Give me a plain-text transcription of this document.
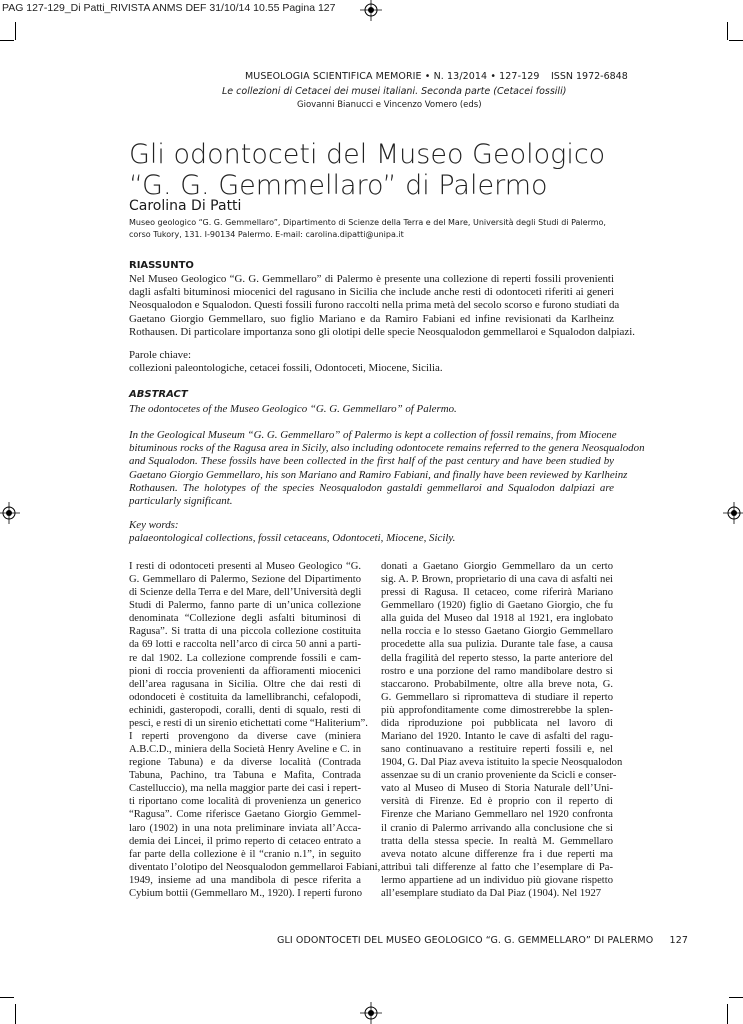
PAG 127-129_Di Patti_RIVISTA ANMS DEF 31/10/14 10.55 Pagina 127
MUSEOLOGIA SCIENTIFICA MEMORIE • N. 13/2014 • 127-129 ISSN 1972-6848
Le collezioni di Cetacei dei musei italiani. Seconda parte (Cetacei fossili)
Giovanni Bianucci e Vincenzo Vomero (eds)
Gli odontoceti del Museo Geologico
“G. G. Gemmellaro” di Palermo
Carolina Di Patti
Museo geologico “G. G. Gemmellaro”, Dipartimento di Scienze della Terra e del Mare, Università degli Studi di Palermo,
corso Tukory, 131. I-90134 Palermo. E-mail: carolina.dipatti@unipa.it
RIASSUNTO
Nel Museo Geologico “G. G. Gemmellaro” di Palermo è presente una collezione di reperti fossili provenienti
dagli asfalti bituminosi miocenici del ragusano in Sicilia che include anche resti di odontoceti riferiti ai generi
Neosqualodon e Squalodon. Questi fossili furono raccolti nella prima metà del secolo scorso e furono studiati da
Gaetano Giorgio Gemmellaro, suo figlio Mariano e da Ramiro Fabiani ed infine revisionati da Karlheinz
Rothausen. Di particolare importanza sono gli olotipi delle specie Neosqualodon gemmellaroi e Squalodon dalpiazi.
Parole chiave:
collezioni paleontologiche, cetacei fossili, Odontoceti, Miocene, Sicilia.
ABSTRACT
The odontocetes of the Museo Geologico “G. G. Gemmellaro” of Palermo.
In the Geological Museum “G. G. Gemmellaro” of Palermo is kept a collection of fossil remains, from Miocene
bituminous rocks of the Ragusa area in Sicily, also including odontocete remains referred to the genera Neosqualodon
and Squalodon. These fossils have been collected in the first half of the past century and have been studied by
Gaetano Giorgio Gemmellaro, his son Mariano and Ramiro Fabiani, and finally have been reviewed by Karlheinz
Rothausen. The holotypes of the species Neosqualodon gastaldi gemmellaroi and Squalodon dalpiazi are
particularly significant.
Key words:
palaeontological collections, fossil cetaceans, Odontoceti, Miocene, Sicily.
I resti di odontoceti presenti al Museo Geologico “G.
G. Gemmellaro di Palermo, Sezione del Dipartimento
di Scienze della Terra e del Mare, dell’Università degli
Studi di Palermo, fanno parte di un’unica collezione
denominata “Collezione degli asfalti bituminosi di
Ragusa”. Si tratta di una piccola collezione costituita
da 69 lotti e raccolta nell’arco di circa 50 anni a parti-
re dal 1902. La collezione comprende fossili e cam-
pioni di roccia provenienti da affioramenti miocenici
dell’area ragusana in Sicilia. Oltre che dai resti di
odondoceti è costituita da lamellibranchi, cefalopodi,
echinidi, gasteropodi, coralli, denti di squalo, resti di
pesci, e resti di un sirenio etichettati come “Haliterium”.
I reperti provengono da diverse cave (miniera
A.B.C.D., miniera della Società Henry Aveline e C. in
regione Tabuna) e da diverse località (Contrada
Tabuna, Pachino, tra Tabuna e Mafita, Contrada
Castelluccio), ma nella maggior parte dei casi i repert-
ti riportano come località di provenienza un generico
“Ragusa”. Come riferisce Gaetano Giorgio Gemmel-
laro (1902) in una nota preliminare inviata all’Acca-
demia dei Lincei, il primo reperto di cetaceo entrato a
far parte della collezione è il “cranio n.1”, in seguito
diventato l’olotipo del Neosqualodon gemmellaroi Fabiani,
1949, insieme ad una mandibola di pesce riferita a
Cybium bottii (Gemmellaro M., 1920). I reperti furono
donati a Gaetano Giorgio Gemmellaro da un certo
sig. A. P. Brown, proprietario di una cava di asfalti nei
pressi di Ragusa. Il cetaceo, come riferirà Mariano
Gemmellaro (1920) figlio di Gaetano Giorgio, che fu
alla guida del Museo dal 1918 al 1921, era inglobato
nella roccia e lo stesso Gaetano Giorgio Gemmellaro
procedette alla sua pulizia. Durante tale fase, a causa
della fragilità del reperto stesso, la parte anteriore del
rostro e una porzione del ramo mandibolare destro si
staccarono. Probabilmente, oltre alla breve nota, G.
G. Gemmellaro si ripromatteva di studiare il reperto
più approfonditamente come dimostrerebbe la splen-
dida riproduzione poi pubblicata nel lavoro di
Mariano del 1920. Intanto le cave di asfalti del ragu-
sano continuavano a restituire reperti fossili e, nel
1904, G. Dal Piaz aveva istituito la specie Neosqualodon
assenzae su di un cranio proveniente da Scicli e conser-
vato al Museo di Museo di Storia Naturale dell’Uni-
versità di Firenze. Ed è proprio con il reperto di
Firenze che Mariano Gemmellaro nel 1920 confronta
il cranio di Palermo arrivando alla conclusione che si
tratta della stessa specie. In realtà M. Gemmellaro
aveva notato alcune differenze fra i due reperti ma
attribuì tali differenze al fatto che l’esemplare di Pa-
lermo appartiene ad un individuo più giovane rispetto
all’esemplare studiato da Dal Piaz (1904). Nel 1927
GLI ODONTOCETI DEL MUSEO GEOLOGICO “G. G. GEMMELLARO” DI PALERMO 127
